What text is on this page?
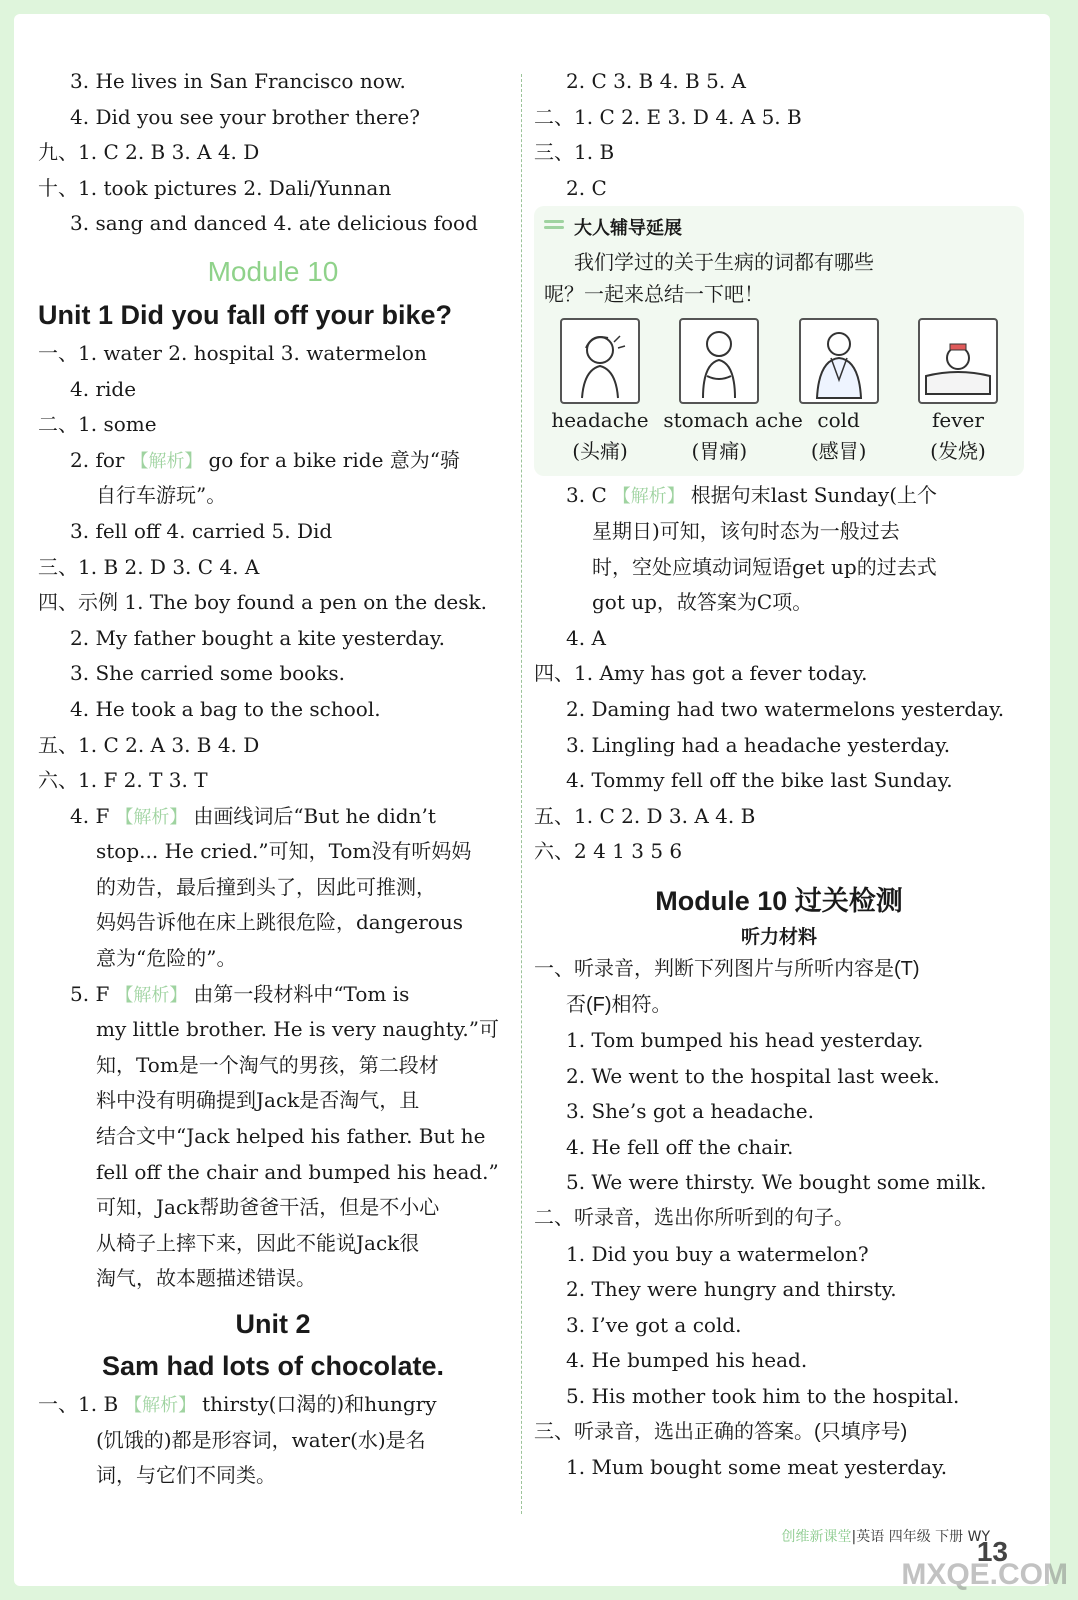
3. He lives in San Francisco now.
4. Did you see your brother there?
九、1. C 2. B 3. A 4. D
十、1. took pictures 2. Dali/Yunnan
3. sang and danced 4. ate delicious food
Module 10
Unit 1 Did you fall off your bike?
一、1. water 2. hospital 3. watermelon
4. ride
二、1. some
2. for 【解析】 go for a bike ride 意为“骑
自行车游玩”。
3. fell off 4. carried 5. Did
三、1. B 2. D 3. C 4. A
四、示例 1. The boy found a pen on the desk.
2. My father bought a kite yesterday.
3. She carried some books.
4. He took a bag to the school.
五、1. C 2. A 3. B 4. D
六、1. F 2. T 3. T
4. F 【解析】 由画线词后“But he didn’t
stop... He cried.”可知，Tom没有听妈妈
的劝告，最后撞到头了，因此可推测，
妈妈告诉他在床上跳很危险，dangerous
意为“危险的”。
5. F 【解析】 由第一段材料中“Tom is
my little brother. He is very naughty.”可
知，Tom是一个淘气的男孩，第二段材
料中没有明确提到Jack是否淘气，且
结合文中“Jack helped his father. But he
fell off the chair and bumped his head.”
可知，Jack帮助爸爸干活，但是不小心
从椅子上摔下来，因此不能说Jack很
淘气，故本题描述错误。
Unit 2
Sam had lots of chocolate.
一、1. B 【解析】 thirsty(口渴的)和hungry
(饥饿的)都是形容词，water(水)是名
词，与它们不同类。
2. C 3. B 4. B 5. A
二、1. C 2. E 3. D 4. A 5. B
三、1. B
2. C
大人辅导延展
我们学过的关于生病的词都有哪些
呢？一起来总结一下吧！
headache
(头痛)
stomach ache
(胃痛)
cold
(感冒)
fever
(发烧)
3. C 【解析】 根据句末last Sunday(上个
星期日)可知，该句时态为一般过去
时，空处应填动词短语get up的过去式
got up，故答案为C项。
4. A
四、1. Amy has got a fever today.
2. Daming had two watermelons yesterday.
3. Lingling had a headache yesterday.
4. Tommy fell off the bike last Sunday.
五、1. C 2. D 3. A 4. B
六、2 4 1 3 5 6
Module 10 过关检测
听力材料
一、听录音，判断下列图片与所听内容是(T)
否(F)相符。
1. Tom bumped his head yesterday.
2. We went to the hospital last week.
3. She’s got a headache.
4. He fell off the chair.
5. We were thirsty. We bought some milk.
二、听录音，选出你所听到的句子。
1. Did you buy a watermelon?
2. They were hungry and thirsty.
3. I’ve got a cold.
4. He bumped his head.
5. His mother took him to the hospital.
三、听录音，选出正确的答案。(只填序号)
1. Mum bought some meat yesterday.
创维新课堂|英语 四年级 下册 WY
13
MXQE.COM
